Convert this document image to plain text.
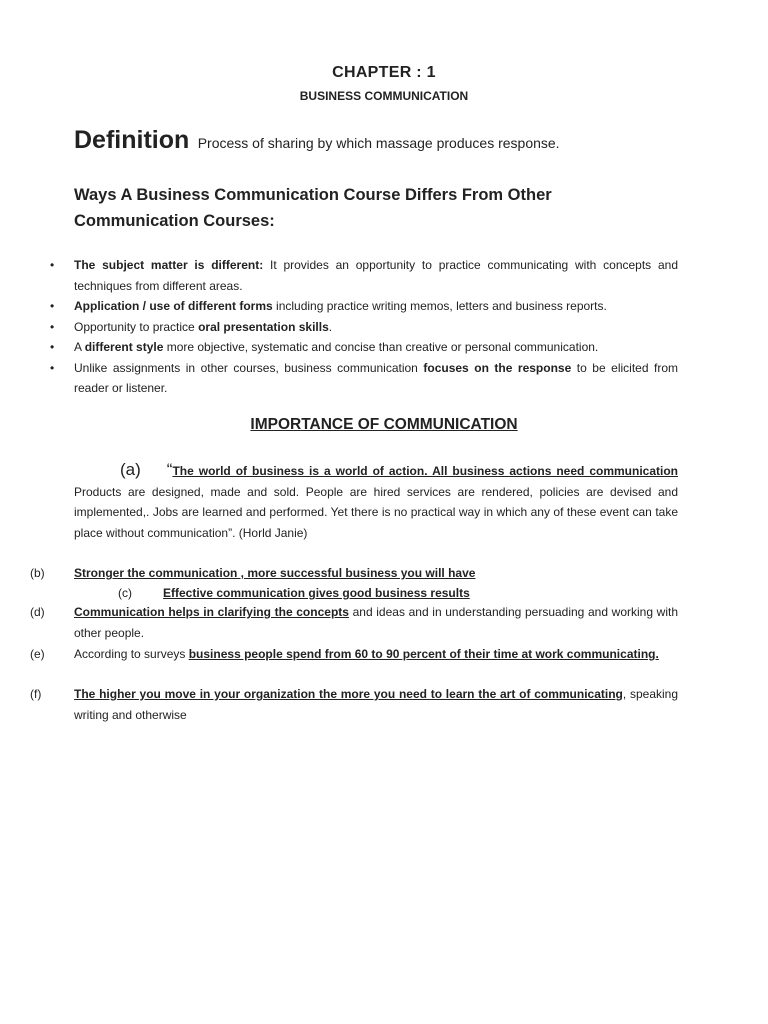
CHAPTER : 1
BUSINESS COMMUNICATION
Definition Process of sharing by which massage produces response.
Ways A Business Communication Course Differs From Other Communication Courses:
• The subject matter is different: It provides an opportunity to practice communicating with concepts and techniques from different areas.
• Application / use of different forms including practice writing memos, letters and business reports.
• Opportunity to practice oral presentation skills.
• A different style more objective, systematic and concise than creative or personal communication.
• Unlike assignments in other courses, business communication focuses on the response to be elicited from reader or listener.
IMPORTANCE OF COMMUNICATION
(a) “The world of business is a world of action. All business actions need communication Products are designed, made and sold. People are hired services are rendered, policies are devised and implemented,. Jobs are learned and performed. Yet there is no practical way in which any of these event can take place without communication”. (Horld Janie)
(b) Stronger the communication , more successful business you will have
(c)	Effective communication gives good business results
(d) Communication helps in clarifying the concepts and ideas and in understanding persuading and working with other people.
(e) According to surveys business people spend from 60 to 90 percent of their time at work communicating.
(f)	The higher you move in your organization the more you need to learn the art of communicating, speaking writing and otherwise
